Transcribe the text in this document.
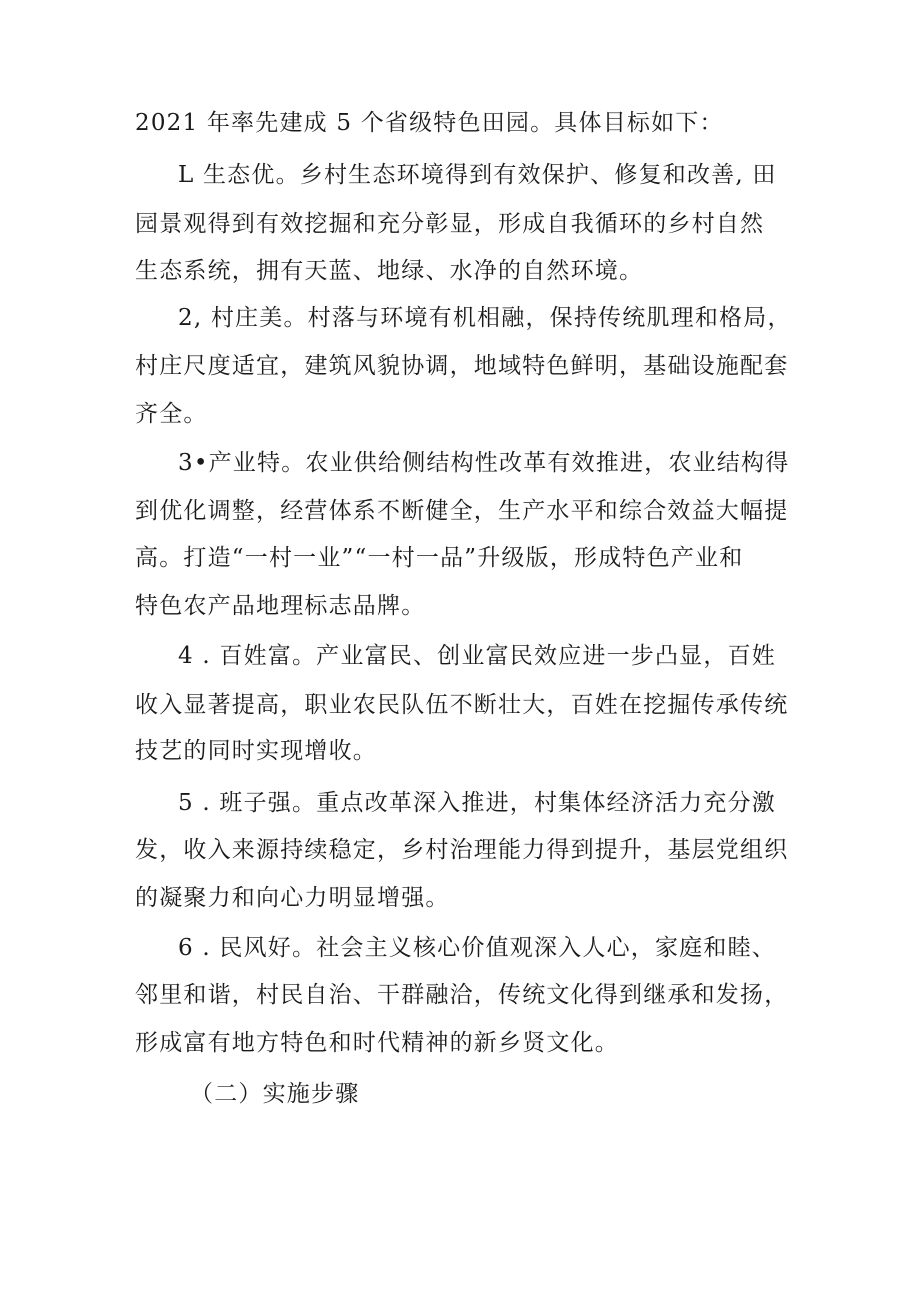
2021 年率先建成 5 个省级特色田园。具体目标如下：
L 生态优。乡村生态环境得到有效保护、修复和改善, 田
园景观得到有效挖掘和充分彰显，形成自我循环的乡村自然
生态系统，拥有天蓝、地绿、水净的自然环境。
2, 村庄美。村落与环境有机相融，保持传统肌理和格局，
村庄尺度适宜，建筑风貌协调，地域特色鲜明，基础设施配套
齐全。
3•产业特。农业供给侧结构性改革有效推进，农业结构得
到优化调整，经营体系不断健全，生产水平和综合效益大幅提
高。打造“一村一业”“一村一品”升级版，形成特色产业和
特色农产品地理标志品牌。
4 . 百姓富。产业富民、创业富民效应进一步凸显，百姓
收入显著提高，职业农民队伍不断壮大，百姓在挖掘传承传统
技艺的同时实现增收。
5 . 班子强。重点改革深入推进，村集体经济活力充分激
发，收入来源持续稳定，乡村治理能力得到提升，基层党组织
的凝聚力和向心力明显增强。
6 . 民风好。社会主义核心价值观深入人心，家庭和睦、
邻里和谐，村民自治、干群融洽，传统文化得到继承和发扬，
形成富有地方特色和时代精神的新乡贤文化。
（二）实施步骤
